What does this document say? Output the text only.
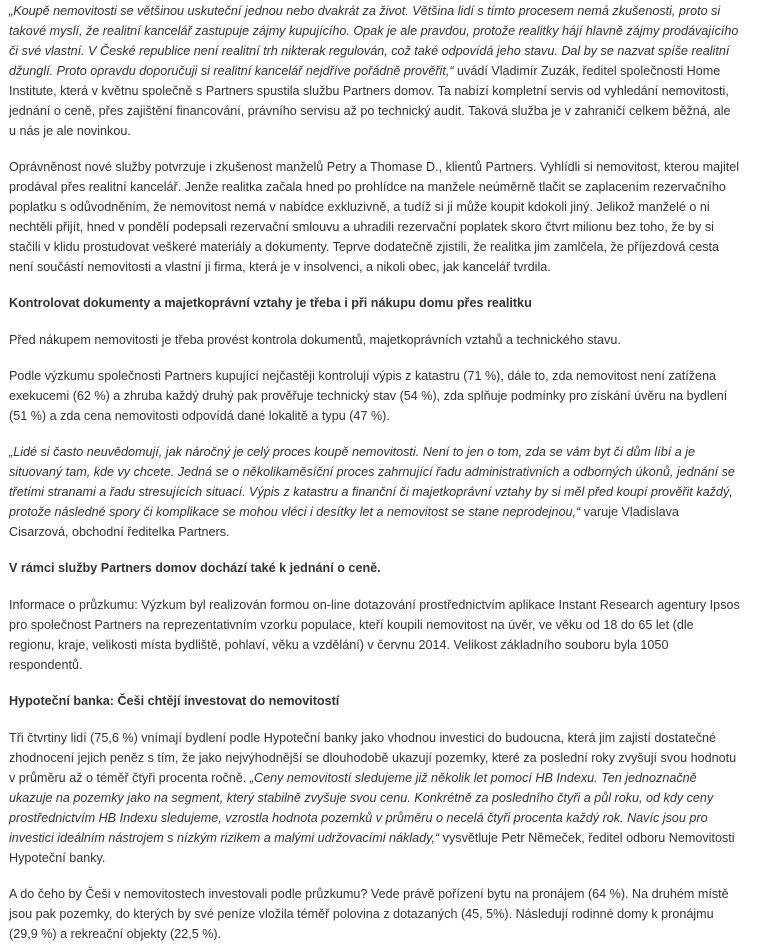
„Koupě nemovitosti se většinou uskuteční jednou nebo dvakrát za život. Většina lidí s tímto procesem nemá zkušenosti, proto si takové myslí, že realitní kancelář zastupuje zájmy kupujícího. Opak je ale pravdou, protože realitky hájí hlavně zájmy prodávajícího či své vlastní. V České republice není realitní trh nikterak regulován, což také odpovídá jeho stavu. Dal by se nazvat spíše realitní džunglí. Proto opravdu doporučuji si realitní kancelář nejdříve pořádně prověřit,“ uvádí Vladimír Zuzák, ředitel společnosti Home Institute, která v květnu společně s Partners spustila službu Partners domov. Ta nabízí kompletní servis od vyhledání nemovitosti, jednání o ceně, přes zajištění financování, právního servisu až po technický audit. Taková služba je v zahraničí celkem běžná, ale u nás je ale novinkou.

Oprávněnost nové služby potvrzuje i zkušenost manželů Petry a Thomase D., klientů Partners. Vyhlídli si nemovitost, kterou majitel prodával přes realitní kancelář. Jenže realitka začala hned po prohlídce na manžele neúměrně tlačit se zaplacením rezervačního poplatku s odůvodněním, že nemovitost nemá v nabídce exkluzivně, a tudíž si ji může koupit kdokoli jiný. Jelikož manželé o ni nechtěli přijít, hned v pondělí podepsali rezervační smlouvu a uhradili rezervační poplatek skoro čtvrt milionu bez toho, že by si stačili v klidu prostudovat veškeré materiály a dokumenty. Teprve dodatečně zjistili, že realitka jim zamlčela, že příjezdová cesta není součástí nemovitosti a vlastní ji firma, která je v insolvenci, a nikoli obec, jak kancelář tvrdila.

Kontrolovat dokumenty a majetkoprávní vztahy je třeba i při nákupu domu přes realitku

Před nákupem nemovitosti je třeba provést kontrola dokumentů, majetkoprávních vztahů a technického stavu.

Podle výzkumu společnosti Partners kupující nejčastěji kontrolují výpis z katastru (71 %), dále to, zda nemovitost není zatížena exekucemi (62 %) a zhruba každý druhý pak prověřuje technický stav (54 %), zda splňuje podmínky pro získání úvěru na bydlení (51 %) a zda cena nemovitosti odpovídá dané lokalitě a typu (47 %).

„Lidé si často neuvědomují, jak náročný je celý proces koupě nemovitosti. Není to jen o tom, zda se vám byt či dům líbí a je situovaný tam, kde vy chcete. Jedná se o několikaměsíční proces zahrnující řadu administrativních a odborných úkonů, jednání se třetími stranami a řadu stresujících situací. Výpis z katastru a finanční či majetkoprávní vztahy by si měl před koupí prověřit každý, protože následné spory či komplikace se mohou vléci i desítky let a nemovitost se stane neprodejnou,“ varuje Vladislava Cisarzová, obchodní ředitelka Partners.

V rámci služby Partners domov dochází také k jednání o ceně.

Informace o průzkumu: Výzkum byl realizován formou on-line dotazování prostřednictvím aplikace Instant Research agentury Ipsos pro společnost Partners na reprezentativním vzorku populace, kteří koupili nemovitost na úvěr, ve věku od 18 do 65 let (dle regionu, kraje, velikosti místa bydliště, pohlaví, věku a vzdělání) v červnu 2014. Velikost základního souboru byla 1050 respondentů.

Hypoteční banka: Češi chtějí investovat do nemovitostí

Tři čtvrtiny lidí (75,6 %) vnímají bydlení podle Hypoteční banky jako vhodnou investici do budoucna, která jim zajistí dostatečné zhodnocení jejich peněz s tím, že jako nejvýhodnější se dlouhodobě ukazují pozemky, které za poslední roky zvyšují svou hodnotu v průměru až o téměř čtyři procenta ročně. „Ceny nemovitostí sledujeme již několik let pomocí HB Indexu. Ten jednoznačně ukazuje na pozemky jako na segment, který stabilně zvyšuje svou cenu. Konkrétně za posledního čtyři a půl roku, od kdy ceny prostřednictvím HB Indexu sledujeme, vzrostla hodnota pozemků v průměru o necelá čtyři procenta každý rok. Navíc jsou pro investici ideálním nástrojem s nízkým rizikem a malými udržovacími náklady,“ vysvětluje Petr Němeček, ředitel odboru Nemovitosti Hypoteční banky.

A do čeho by Češi v nemovitostech investovali podle průzkumu? Vede právě pořízení bytu na pronájem (64 %). Na druhém místě jsou pak pozemky, do kterých by své peníze vložila téměř polovina z dotazaných (45, 5%). Následují rodinné domy k pronájmu (29,9 %) a rekreační objekty (22,5 %).
